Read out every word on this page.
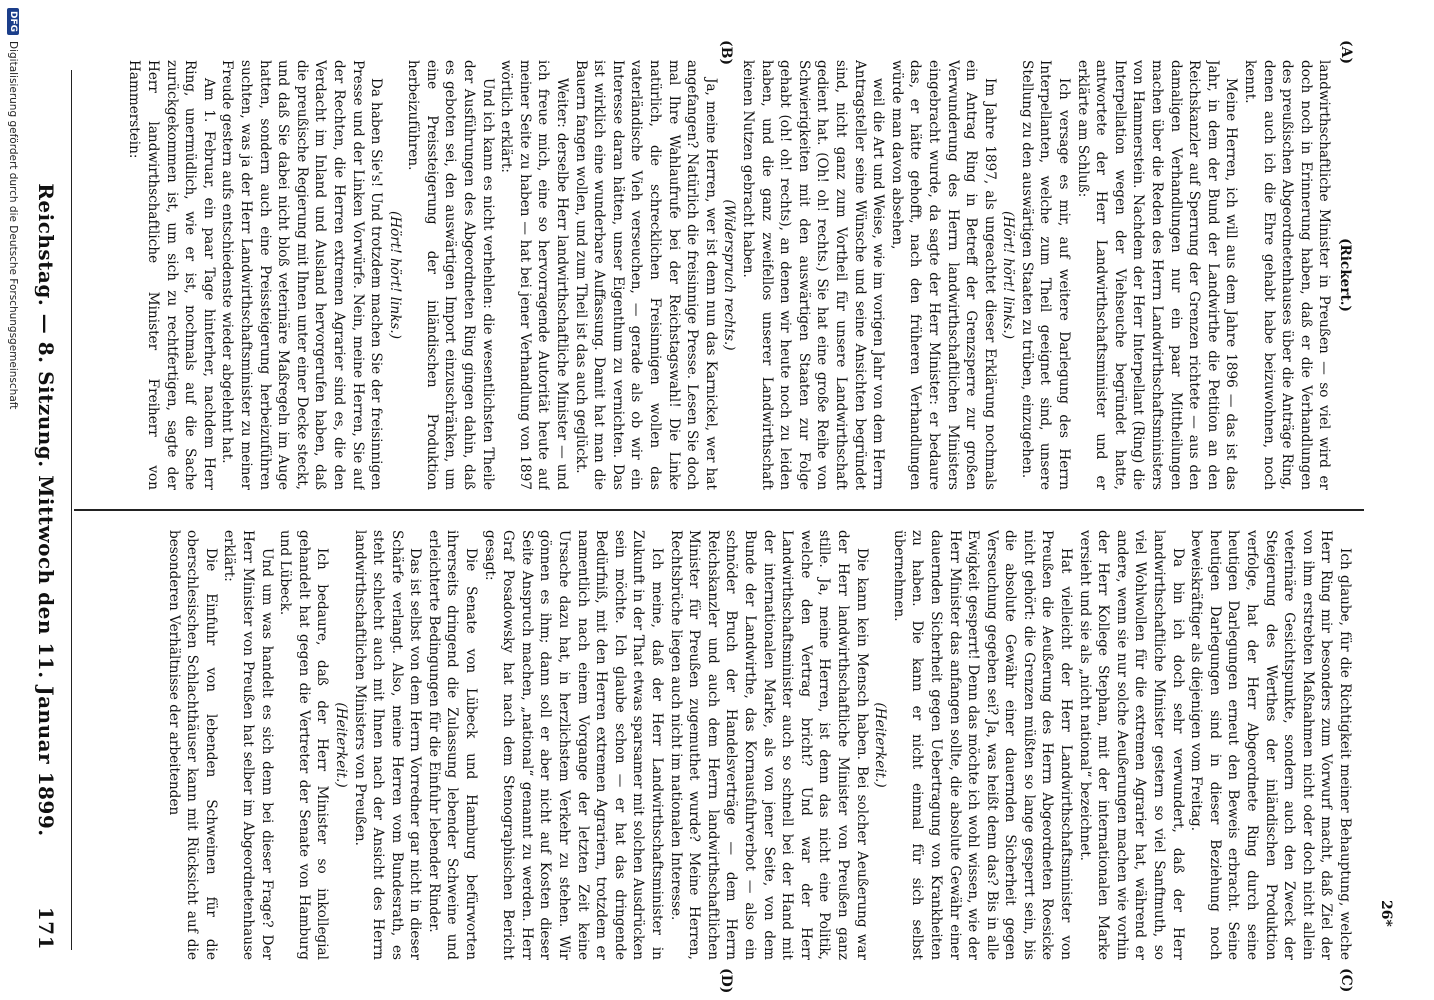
Reichstag. — 8. Sitzung. Mittwoch den 11. Januar 1899.
171
(A)
(B)
(C)
(D)
(Rickert.)

landwirthschaftliche Minister in Preußen — so viel wird er doch noch in Erinnerung haben, daß er die Verhandlungen des preußischen Abgeordnetenhauses über die Anträge Ring, denen auch ich die Ehre gehabt habe beizuwohnen, noch kennt.

Meine Herren, ich will aus dem Jahre 1896 — das ist das Jahr, in dem der Bund der Landwirthe die Petition an den Reichskanzler auf Sperrung der Grenzen richtete — aus den damaligen Verhandlungen nur ein paar Mittheilungen machen über die Reden des Herrn Landwirthschaftsministers von Hammerstein. Nachdem der Herr Interpellant (Ring) die Interpellation wegen der Viehseuche begründet hatte, antwortete der Herr Landwirthschaftsminister und er erklärte am Schluß:

Ich versage es mir, auf weitere Darlegung des Herrn Interpellanten, welche zum Theil geeignet sind, unsere Stellung zu den auswärtigen Staaten zu trüben, einzugehen.

(Hört! hört! links.)

Im Jahre 1897, als ungeachtet dieser Erklärung nochmals ein Antrag Ring in Betreff der Grenzsperre zur großen Verwunderung des Herrn landwirthschaftlichen Ministers eingebracht wurde, da sagte der Herr Minister: er bedaure das, er hätte gehofft, nach den früheren Verhandlungen würde man davon absehen,

weil die Art und Weise, wie im vorigen Jahr von dem Herrn Antragsteller seine Wünsche und seine Ansichten begründet sind, nicht ganz zum Vortheil für unsere Landwirthschaft gedient hat. (Oh! oh! rechts.) Sie hat eine große Reihe von Schwierigkeiten mit den auswärtigen Staaten zur Folge gehabt (oh! oh! rechts), an denen wir heute noch zu leiden haben, und die ganz zweifellos unserer Landwirthschaft keinen Nutzen gebracht haben.

(Widerspruch rechts.)

Ja, meine Herren, wer ist denn nun das Karnickel, wer hat angefangen? Natürlich die freisinnige Presse. Lesen Sie doch mal Ihre Wahlaufrufe bei der Reichstagswahl! Die Linke natürlich, die schrecklichen Freisinnigen wollen das vaterländische Vieh verseuchen, — gerade als ob wir ein Interesse daran hätten, unser Eigenthum zu vernichten. Das ist wirklich eine wunderbare Auffassung. Damit hat man die Bauern fangen wollen, und zum Theil ist das auch geglückt.

Weiter: derselbe Herr landwirthschaftliche Minister — und ich freue mich, eine so hervorragende Autorität heute auf meiner Seite zu haben — hat bei jener Verhandlung von 1897 wörtlich erklärt:

Und ich kann es nicht verhehlen: die wesentlichsten Theile der Ausführungen des Abgeordneten Ring gingen dahin, daß es geboten sei, den auswärtigen Import einzuschränken, um eine Preissteigerung der inländischen Produktion herbeizuführen.

(Hört! hört! links.)

Da haben Sie's! Und trotzdem machen Sie der freisinnigen Presse und der Linken Vorwürfe. Nein, meine Herren, Sie auf der Rechten, die Herren extremen Agrarier sind es, die den Verdacht im Inland und Ausland hervorgerufen haben, daß die preußische Regierung mit Ihnen unter einer Decke steckt, und daß Sie dabei nicht bloß veterinäre Maßregeln im Auge hatten, sondern auch eine Preissteigerung herbeizuführen suchten, was ja der Herr Landwirthschaftsminister zu meiner Freude gestern aufs entschiedenste wieder abgelehnt hat.

Am 1. Februar, ein paar Tage hinterher, nachdem Herr Ring, unermüdlich, wie er ist, nochmals auf die Sache zurückgekommen ist, um sich zu rechtfertigen, sagte der Herr landwirthschaftliche Minister Freiherr von Hammerstein:

Ich glaube, für die Richtigkeit meiner Behauptung, welche Herr Ring mir besonders zum Vorwurf macht, daß Ziel der von ihm erstrebten Maßnahmen nicht oder doch nicht allein veterinäre Gesichtspunkte, sondern auch den Zweck der Steigerung des Werthes der inländischen Produktion verfolge, hat der Herr Abgeordnete Ring durch seine heutigen Darlegungen erneut den Beweis erbracht. Seine heutigen Darlegungen sind in dieser Beziehung noch beweiskräftiger als diejenigen vom Freitag.

Da bin ich doch sehr verwundert, daß der Herr landwirthschaftliche Minister gestern so viel Sanftmuth, so viel Wohlwollen für die extremen Agrarier hat, während er andere, wenn sie nur solche Aeußerungen machen wie vorhin der Herr Kollege Stephan, mit der internationalen Marke versieht und sie als „nicht national“ bezeichnet.

Hat vielleicht der Herr Landwirthschaftsminister von Preußen die Aeußerung des Herrn Abgeordneten Roesicke nicht gehört: die Grenzen müßten so lange gesperrt sein, bis die absolute Gewähr einer dauernden Sicherheit gegen Verseuchung gegeben sei? Ja, was heißt denn das? Bis in alle Ewigkeit gesperrt! Denn das möchte ich wohl wissen, wie der Herr Minister das anfangen sollte, die absolute Gewähr einer dauernden Sicherheit gegen Uebertragung von Krankheiten zu haben. Die kann er nicht einmal für sich selbst übernehmen.

(Heiterkeit.)

Die kann kein Mensch haben. Bei solcher Aeußerung war der Herr landwirthschaftliche Minister von Preußen ganz stille. Ja, meine Herren, ist denn das nicht eine Politik, welche den Vertrag bricht? Und war der Herr Landwirthschaftsminister auch so schnell bei der Hand mit der internationalen Marke, als von jener Seite, von dem Bunde der Landwirthe, das Kornausfuhrverbot — also ein schnöder Bruch der Handelsverträge — dem Herrn Reichskanzler und auch dem Herrn landwirthschaftlichen Minister für Preußen zugemuthet wurde? Meine Herren, Rechtsbrüche liegen auch nicht im nationalen Interesse.

Ich meine, daß der Herr Landwirthschaftsminister in Zukunft in der That etwas sparsamer mit solchen Ausdrücken sein möchte. Ich glaube schon — er hat das dringende Bedürfniß, mit den Herren extremen Agrariern, trotzdem er namentlich nach einem Vorgange der letzten Zeit keine Ursache dazu hat, in herzlichstem Verkehr zu stehen. Wir gönnen es ihm; dann soll er aber nicht auf Kosten dieser Seite Anspruch machen, „national“ genannt zu werden. Herr Graf Posadowsky hat nach dem Stenographischen Bericht gesagt:

Die Senate von Lübeck und Hamburg befürworten ihrerseits dringend die Zulassung lebender Schweine und erleichterte Bedingungen für die Einfuhr lebender Rinder.

Das ist selbst von dem Herrn Vorredner gar nicht in dieser Schärfe verlangt. Also, meine Herren vom Bundesrath, es steht schlecht auch mit Ihnen nach der Ansicht des Herrn landwirthschaftlichen Ministers von Preußen.

(Heiterkeit.)

Ich bedaure, daß der Herr Minister so inkollegial gehandelt hat gegen die Vertreter der Senate von Hamburg und Lübeck.

Und um was handelt es sich denn bei dieser Frage? Der Herr Minister von Preußen hat selber im Abgeordnetenhause erklärt:

Die Einfuhr von lebenden Schweinen für die oberschlesischen Schlachthäuser kann mit Rücksicht auf die besonderen Verhältnisse der arbeitenden

26*
DFG
Digitalisierung gefördert durch die Deutsche Forschungsgemeinschaft
